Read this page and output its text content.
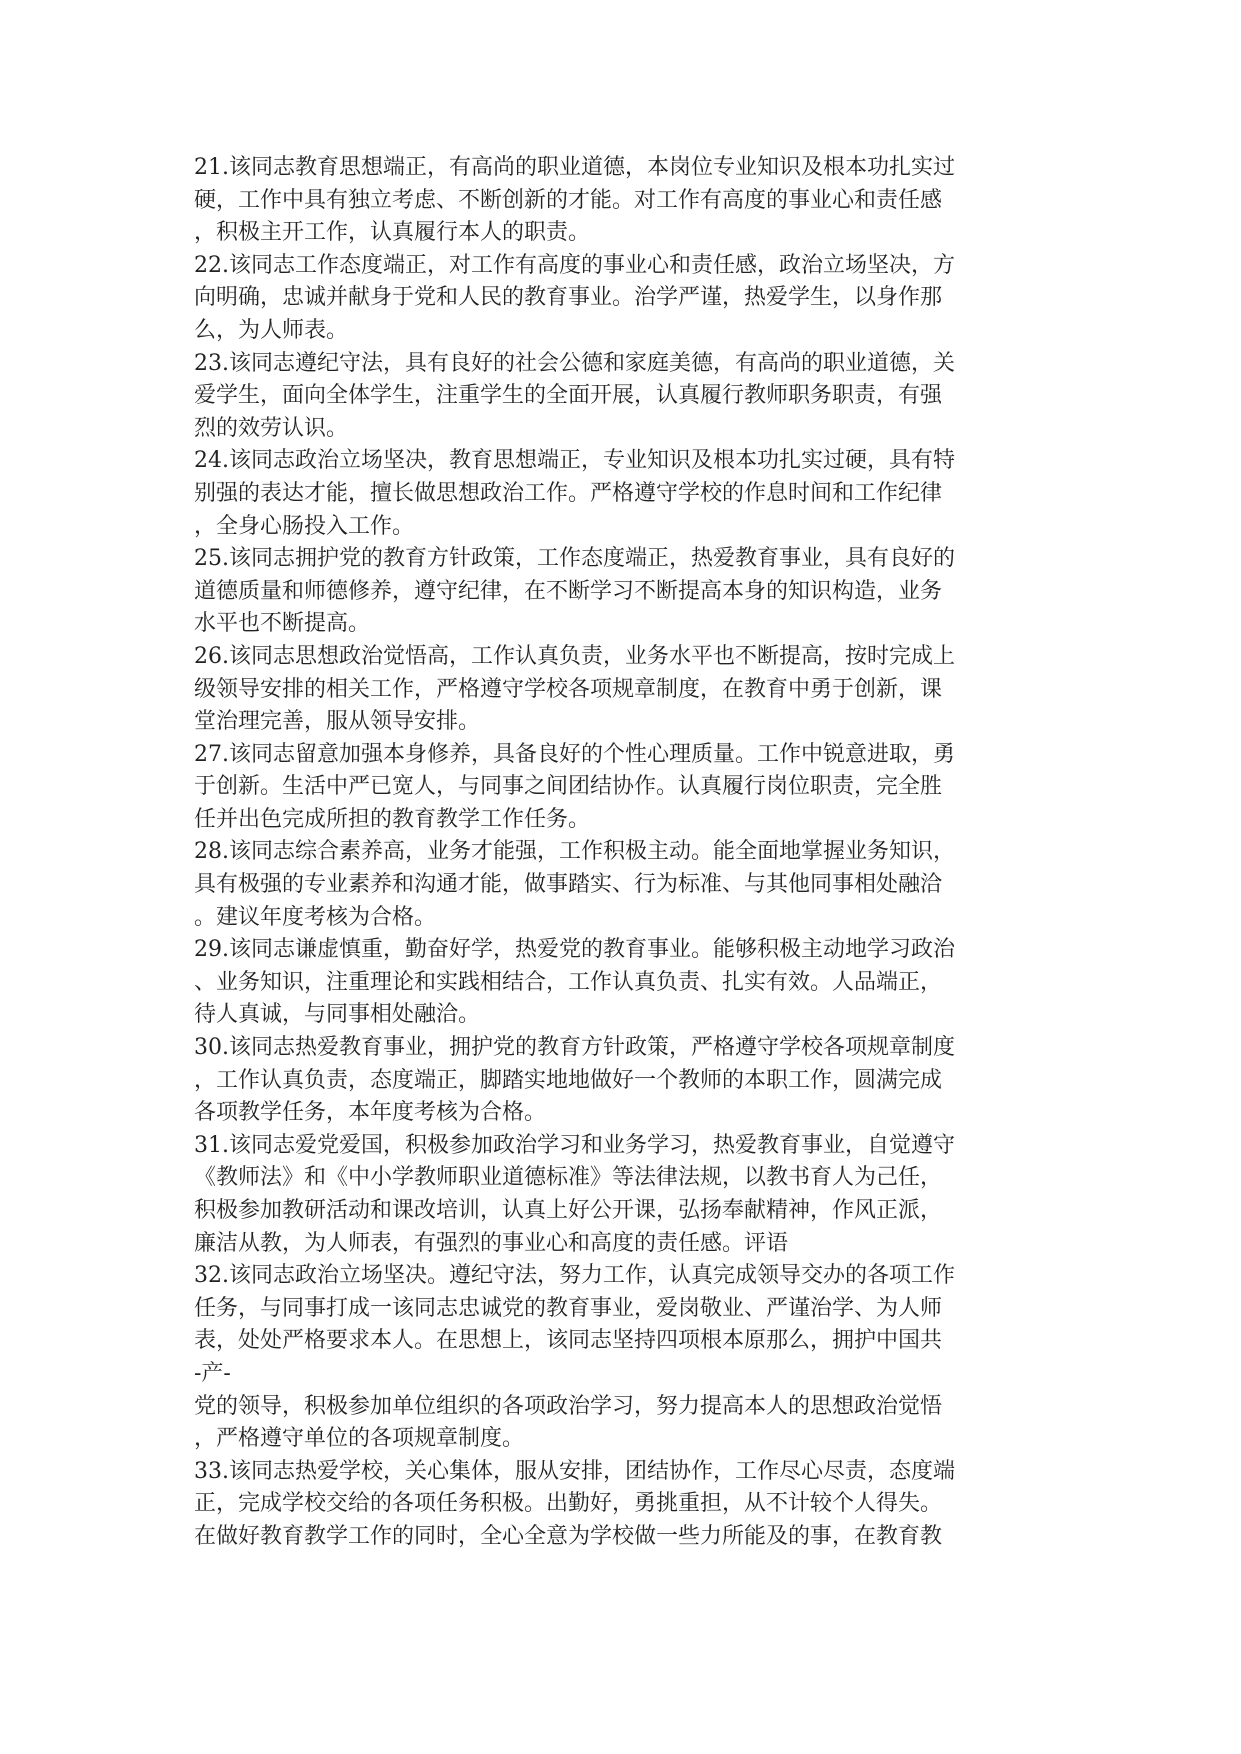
21.该同志教育思想端正，有高尚的职业道德，本岗位专业知识及根本功扎实过
硬，工作中具有独立考虑、不断创新的才能。对工作有高度的事业心和责任感
，积极主开工作，认真履行本人的职责。
22.该同志工作态度端正，对工作有高度的事业心和责任感，政治立场坚决，方
向明确，忠诚并献身于党和人民的教育事业。治学严谨，热爱学生，以身作那
么，为人师表。
23.该同志遵纪守法，具有良好的社会公德和家庭美德，有高尚的职业道德，关
爱学生，面向全体学生，注重学生的全面开展，认真履行教师职务职责，有强
烈的效劳认识。
24.该同志政治立场坚决，教育思想端正，专业知识及根本功扎实过硬，具有特
别强的表达才能，擅长做思想政治工作。严格遵守学校的作息时间和工作纪律
，全身心肠投入工作。
25.该同志拥护党的教育方针政策，工作态度端正，热爱教育事业，具有良好的
道德质量和师德修养，遵守纪律，在不断学习不断提高本身的知识构造，业务
水平也不断提高。
26.该同志思想政治觉悟高，工作认真负责，业务水平也不断提高，按时完成上
级领导安排的相关工作，严格遵守学校各项规章制度，在教育中勇于创新，课
堂治理完善，服从领导安排。
27.该同志留意加强本身修养，具备良好的个性心理质量。工作中锐意进取，勇
于创新。生活中严已宽人，与同事之间团结协作。认真履行岗位职责，完全胜
任并出色完成所担的教育教学工作任务。
28.该同志综合素养高，业务才能强，工作积极主动。能全面地掌握业务知识，
具有极强的专业素养和沟通才能，做事踏实、行为标准、与其他同事相处融洽
。建议年度考核为合格。
29.该同志谦虚慎重，勤奋好学，热爱党的教育事业。能够积极主动地学习政治
、业务知识，注重理论和实践相结合，工作认真负责、扎实有效。人品端正，
待人真诚，与同事相处融洽。
30.该同志热爱教育事业，拥护党的教育方针政策，严格遵守学校各项规章制度
，工作认真负责，态度端正，脚踏实地地做好一个教师的本职工作，圆满完成
各项教学任务，本年度考核为合格。
31.该同志爱党爱国，积极参加政治学习和业务学习，热爱教育事业，自觉遵守
《教师法》和《中小学教师职业道德标准》等法律法规，以教书育人为己任，
积极参加教研活动和课改培训，认真上好公开课，弘扬奉献精神，作风正派，
廉洁从教，为人师表，有强烈的事业心和高度的责任感。评语
32.该同志政治立场坚决。遵纪守法，努力工作，认真完成领导交办的各项工作
任务，与同事打成一该同志忠诚党的教育事业，爱岗敬业、严谨治学、为人师
表，处处严格要求本人。在思想上，该同志坚持四项根本原那么，拥护中国共
-产-
党的领导，积极参加单位组织的各项政治学习，努力提高本人的思想政治觉悟
，严格遵守单位的各项规章制度。
33.该同志热爱学校，关心集体，服从安排，团结协作，工作尽心尽责，态度端
正，完成学校交给的各项任务积极。出勤好，勇挑重担，从不计较个人得失。
在做好教育教学工作的同时，全心全意为学校做一些力所能及的事，在教育教
